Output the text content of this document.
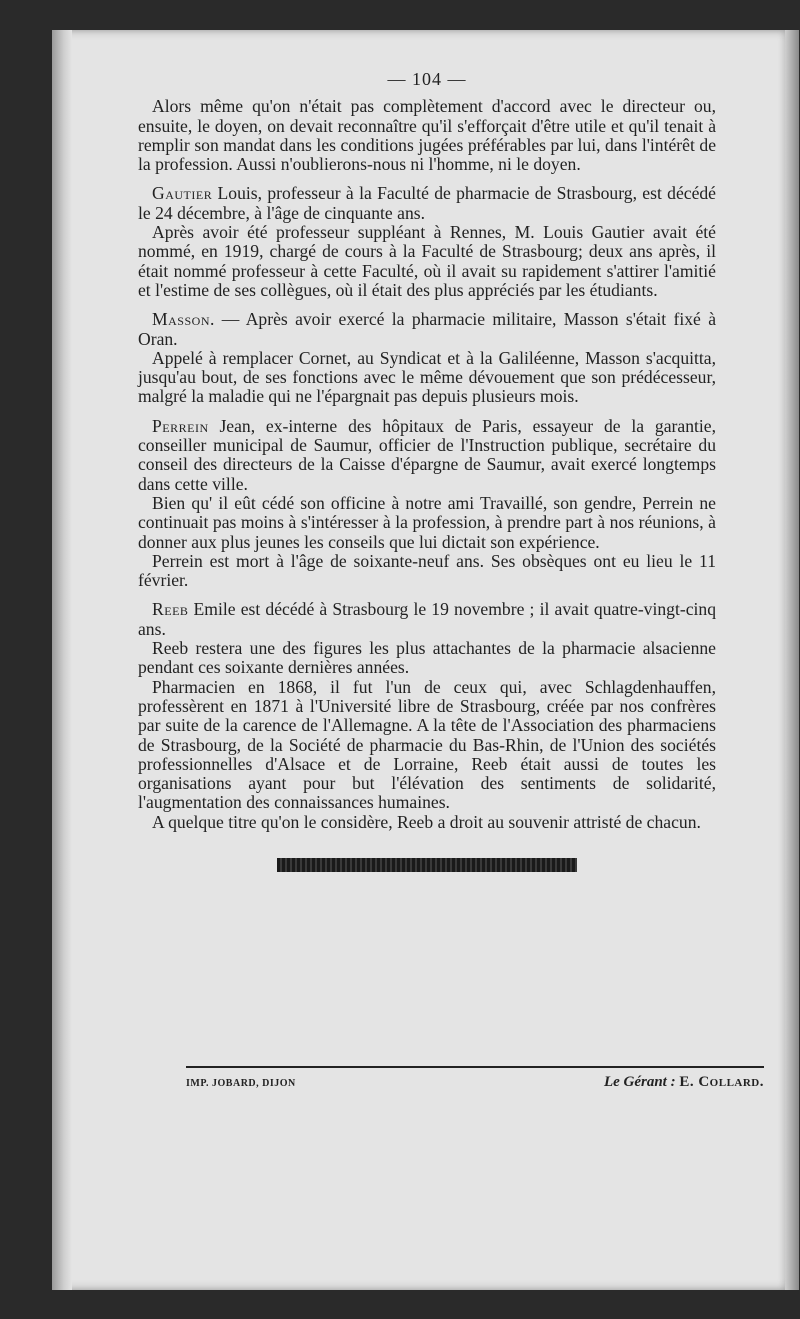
— 104 —

Alors même qu'on n'était pas complètement d'accord avec le directeur ou, ensuite, le doyen, on devait reconnaître qu'il s'efforçait d'être utile et qu'il tenait à remplir son mandat dans les conditions jugées préférables par lui, dans l'intérêt de la profession. Aussi n'oublierons-nous ni l'homme, ni le doyen.

Gautier Louis, professeur à la Faculté de pharmacie de Strasbourg, est décédé le 24 décembre, à l'âge de cinquante ans.

Après avoir été professeur suppléant à Rennes, M. Louis Gautier avait été nommé, en 1919, chargé de cours à la Faculté de Strasbourg; deux ans après, il était nommé professeur à cette Faculté, où il avait su rapidement s'attirer l'amitié et l'estime de ses collègues, où il était des plus appréciés par les étudiants.

Masson. — Après avoir exercé la pharmacie militaire, Masson s'était fixé à Oran.

Appelé à remplacer Cornet, au Syndicat et à la Galiléenne, Masson s'acquitta, jusqu'au bout, de ses fonctions avec le même dévouement que son prédécesseur, malgré la maladie qui ne l'épargnait pas depuis plusieurs mois.

Perrein Jean, ex-interne des hôpitaux de Paris, essayeur de la garantie, conseiller municipal de Saumur, officier de l'Instruction publique, secrétaire du conseil des directeurs de la Caisse d'épargne de Saumur, avait exercé longtemps dans cette ville.

Bien qu' il eût cédé son officine à notre ami Travaillé, son gendre, Perrein ne continuait pas moins à s'intéresser à la profession, à prendre part à nos réunions, à donner aux plus jeunes les conseils que lui dictait son expérience.

Perrein est mort à l'âge de soixante-neuf ans. Ses obsèques ont eu lieu le 11 février.

Reeb Emile est décédé à Strasbourg le 19 novembre ; il avait quatre-vingt-cinq ans.

Reeb restera une des figures les plus attachantes de la pharmacie alsacienne pendant ces soixante dernières années.

Pharmacien en 1868, il fut l'un de ceux qui, avec Schlagdenhauffen, professèrent en 1871 à l'Université libre de Strasbourg, créée par nos confrères par suite de la carence de l'Allemagne. A la tête de l'Association des pharmaciens de Strasbourg, de la Société de pharmacie du Bas-Rhin, de l'Union des sociétés professionnelles d'Alsace et de Lorraine, Reeb était aussi de toutes les organisations ayant pour but l'élévation des sentiments de solidarité, l'augmentation des connaissances humaines.

A quelque titre qu'on le considère, Reeb a droit au souvenir attristé de chacun.

IMP. JOBARD, DIJON	Le Gérant : E. Collard.
